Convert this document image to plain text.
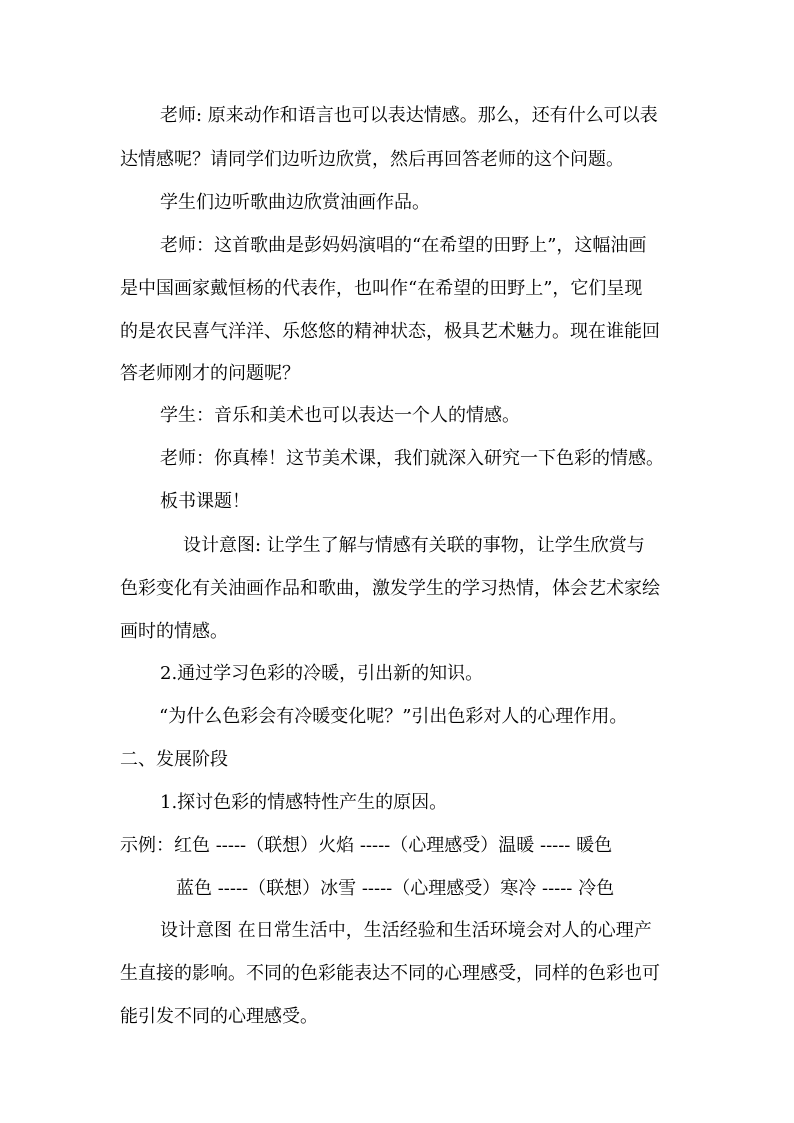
老师: 原来动作和语言也可以表达情感。那么，还有什么可以表
达情感呢？请同学们边听边欣赏，然后再回答老师的这个问题。
学生们边听歌曲边欣赏油画作品。
老师：这首歌曲是彭妈妈演唱的“在希望的田野上”，这幅油画
是中国画家戴恒杨的代表作，也叫作“在希望的田野上”，它们呈现
的是农民喜气洋洋、乐悠悠的精神状态，极具艺术魅力。现在谁能回
答老师刚才的问题呢？
学生：音乐和美术也可以表达一个人的情感。
老师：你真棒！这节美术课，我们就深入研究一下色彩的情感。
板书课题！
设计意图: 让学生了解与情感有关联的事物，让学生欣赏与
色彩变化有关油画作品和歌曲，激发学生的学习热情，体会艺术家绘
画时的情感。
2.通过学习色彩的冷暖，引出新的知识。
“为什么色彩会有冷暖变化呢？”引出色彩对人的心理作用。
二、发展阶段
1.探讨色彩的情感特性产生的原因。
示例：红色 -----（联想）火焰 -----（心理感受）温暖 ----- 暖色
蓝色 -----（联想）冰雪 -----（心理感受）寒冷 ----- 冷色
设计意图 在日常生活中，生活经验和生活环境会对人的心理产
生直接的影响。不同的色彩能表达不同的心理感受，同样的色彩也可
能引发不同的心理感受。
